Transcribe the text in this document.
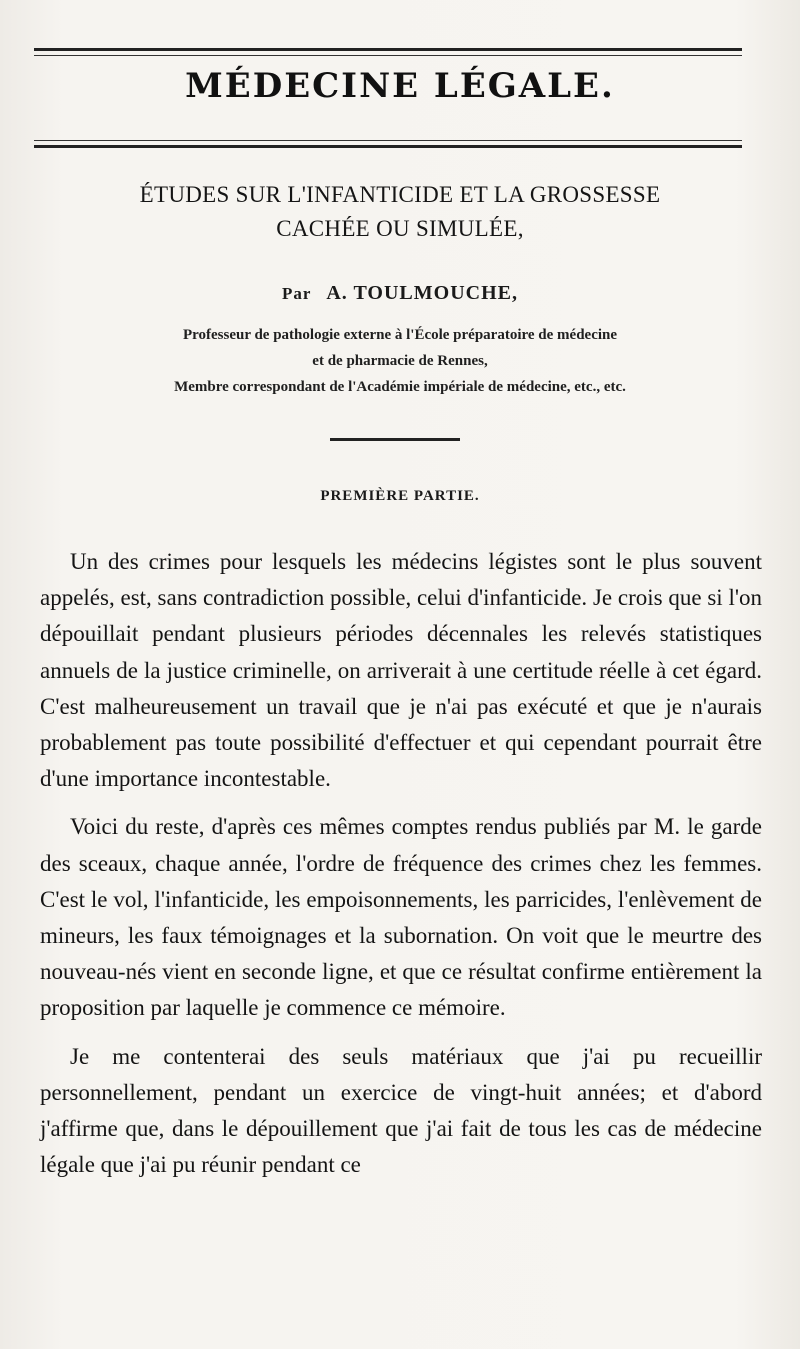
MÉDECINE LÉGALE.
ÉTUDES SUR L'INFANTICIDE ET LA GROSSESSE
CACHÉE OU SIMULÉE,
Par A. TOULMOUCHE,
Professeur de pathologie externe à l'École préparatoire de médecine
et de pharmacie de Rennes,
Membre correspondant de l'Académie impériale de médecine, etc., etc.
PREMIÈRE PARTIE.

Un des crimes pour lesquels les médecins légistes sont le plus souvent appelés, est, sans contradiction possible, celui d'infanticide. Je crois que si l'on dépouillait pendant plusieurs périodes décennales les relevés statistiques annuels de la justice criminelle, on arriverait à une certitude réelle à cet égard. C'est malheureusement un travail que je n'ai pas exécuté et que je n'aurais probablement pas toute possibilité d'effectuer et qui cependant pourrait être d'une importance incontestable.

Voici du reste, d'après ces mêmes comptes rendus publiés par M. le garde des sceaux, chaque année, l'ordre de fréquence des crimes chez les femmes. C'est le vol, l'infanticide, les empoisonnements, les parricides, l'enlèvement de mineurs, les faux témoignages et la subornation. On voit que le meurtre des nouveau-nés vient en seconde ligne, et que ce résultat confirme entièrement la proposition par laquelle je commence ce mémoire.

Je me contenterai des seuls matériaux que j'ai pu recueillir personnellement, pendant un exercice de vingt-huit années; et d'abord j'affirme que, dans le dépouillement que j'ai fait de tous les cas de médecine légale que j'ai pu réunir pendant ce
